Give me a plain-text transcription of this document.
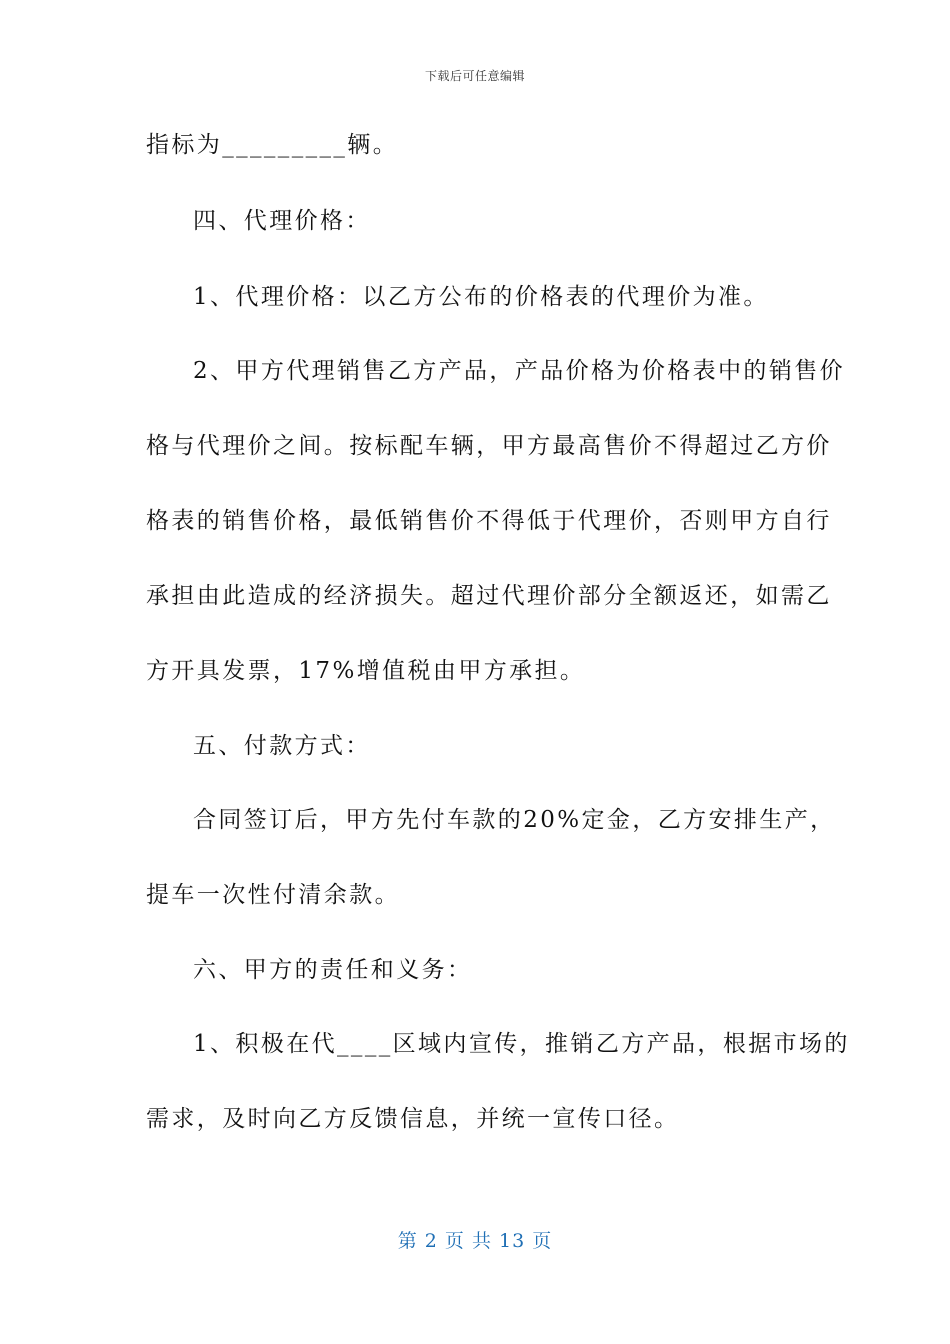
下载后可任意编辑
指标为_________辆。
四、代理价格：
1、代理价格：以乙方公布的价格表的代理价为准。
2、甲方代理销售乙方产品，产品价格为价格表中的销售价
格与代理价之间。按标配车辆，甲方最高售价不得超过乙方价
格表的销售价格，最低销售价不得低于代理价，否则甲方自行
承担由此造成的经济损失。超过代理价部分全额返还，如需乙
方开具发票，17%增值税由甲方承担。
五、付款方式：
合同签订后，甲方先付车款的20%定金，乙方安排生产，
提车一次性付清余款。
六、甲方的责任和义务：
1、积极在代____区域内宣传，推销乙方产品，根据市场的
需求，及时向乙方反馈信息，并统一宣传口径。
第 2 页 共 13 页
